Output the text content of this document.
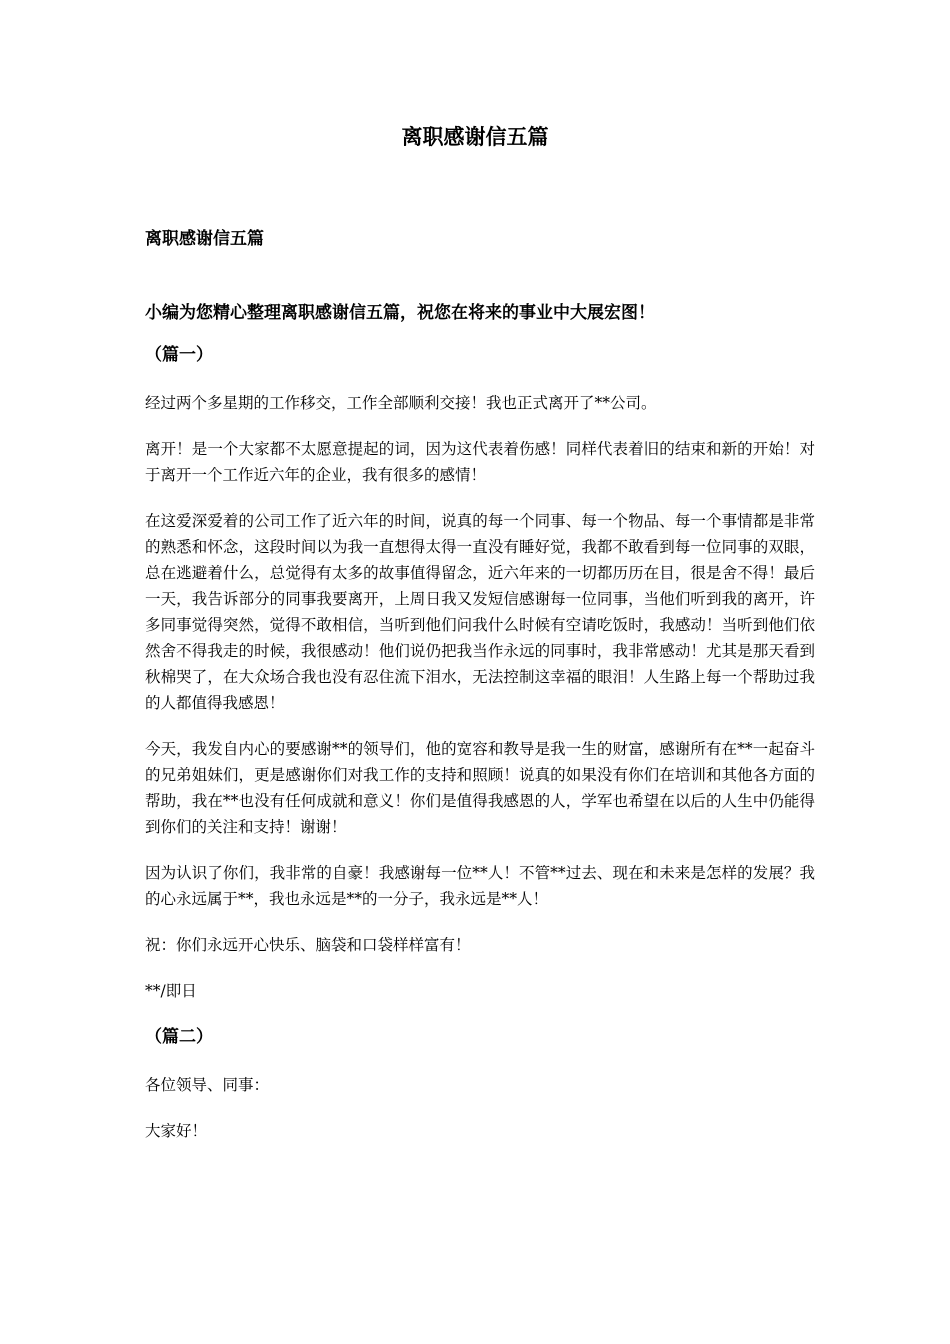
离职感谢信五篇

离职感谢信五篇

小编为您精心整理离职感谢信五篇，祝您在将来的事业中大展宏图！

（篇一）

经过两个多星期的工作移交，工作全部顺利交接！我也正式离开了**公司。

离开！是一个大家都不太愿意提起的词，因为这代表着伤感！同样代表着旧的结束和新的开始！对于离开一个工作近六年的企业，我有很多的感情！

在这爱深爱着的公司工作了近六年的时间，说真的每一个同事、每一个物品、每一个事情都是非常的熟悉和怀念，这段时间以为我一直想得太得一直没有睡好觉，我都不敢看到每一位同事的双眼，总在逃避着什么，总觉得有太多的故事值得留念，近六年来的一切都历历在目，很是舍不得！最后一天，我告诉部分的同事我要离开，上周日我又发短信感谢每一位同事，当他们听到我的离开，许多同事觉得突然，觉得不敢相信，当听到他们问我什么时候有空请吃饭时，我感动！当听到他们依然舍不得我走的时候，我很感动！他们说仍把我当作永远的同事时，我非常感动！尤其是那天看到秋棉哭了，在大众场合我也没有忍住流下泪水，无法控制这幸福的眼泪！人生路上每一个帮助过我的人都值得我感恩！

今天，我发自内心的要感谢**的领导们，他的宽容和教导是我一生的财富，感谢所有在**一起奋斗的兄弟姐妹们，更是感谢你们对我工作的支持和照顾！说真的如果没有你们在培训和其他各方面的帮助，我在**也没有任何成就和意义！你们是值得我感恩的人，学军也希望在以后的人生中仍能得到你们的关注和支持！谢谢！

因为认识了你们，我非常的自豪！我感谢每一位**人！不管**过去、现在和未来是怎样的发展？我的心永远属于**，我也永远是**的一分子，我永远是**人！

祝：你们永远开心快乐、脑袋和口袋样样富有！

**/即日

（篇二）

各位领导、同事：

大家好！
